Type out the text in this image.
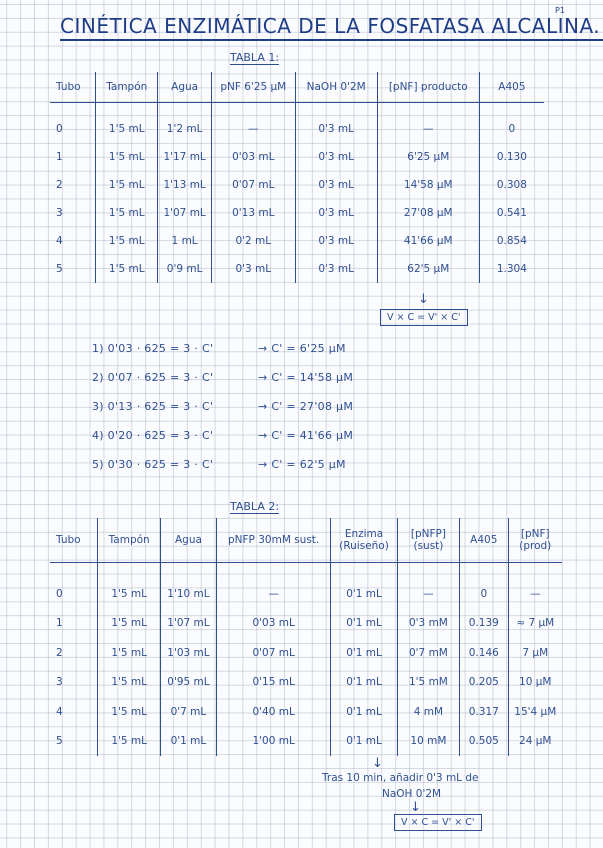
CINÉTICA ENZIMÁTICA DE LA FOSFATASA ALCALINA.
P1
TABLA 1:
Tubo	Tampón	Agua	pNF 6'25 μM	NaOH 0'2M	[pNF] producto	A405

0	1'5 mL	1'2 mL	—	0'3 mL	—	0
1	1'5 mL	1'17 mL	0'03 mL	0'3 mL	6'25 μM	0.130
2	1'5 mL	1'13 mL	0'07 mL	0'3 mL	14'58 μM	0.308
3	1'5 mL	1'07 mL	0'13 mL	0'3 mL	27'08 μM	0.541
4	1'5 mL	1 mL	0'2 mL	0'3 mL	41'66 μM	0.854
5	1'5 mL	0'9 mL	0'3 mL	0'3 mL	62'5 μM	1.304
↓
V × C = V' × C'
1) 0'03 · 625 = 3 · C'	→ C' = 6'25 μM
2) 0'07 · 625 = 3 · C'	→ C' = 14'58 μM
3) 0'13 · 625 = 3 · C'	→ C' = 27'08 μM
4) 0'20 · 625 = 3 · C'	→ C' = 41'66 μM
5) 0'30 · 625 = 3 · C'	→ C' = 62'5 μM
TABLA 2:
Tubo	Tampón	Agua	pNFP 30mM sust.	Enzima (Ruiseño)	[pNFP] (sust)	A405	[pNF] (prod)

0	1'5 mL	1'10 mL	—	0'1 mL	—	0	—
1	1'5 mL	1'07 mL	0'03 mL	0'1 mL	0'3 mM	0.139	≈ 7 μM
2	1'5 mL	1'03 mL	0'07 mL	0'1 mL	0'7 mM	0.146	7 μM
3	1'5 mL	0'95 mL	0'15 mL	0'1 mL	1'5 mM	0.205	10 μM
4	1'5 mL	0'7 mL	0'40 mL	0'1 mL	4 mM	0.317	15'4 μM
5	1'5 mL	0'1 mL	1'00 mL	0'1 mL	10 mM	0.505	24 μM
↓
Tras 10 min, añadir 0'3 mL de
NaOH 0'2M
↓
V × C = V' × C'
